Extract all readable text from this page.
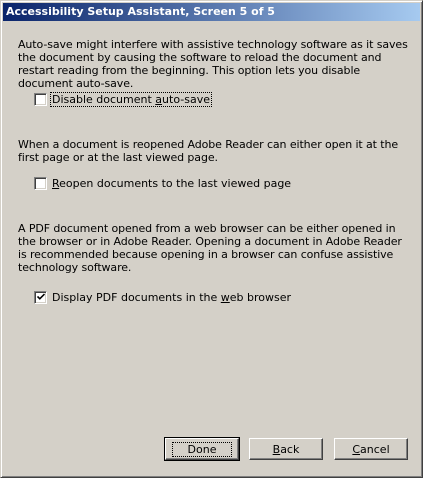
Accessibility Setup Assistant, Screen 5 of 5
Auto-save might interfere with assistive technology software as it saves the document by causing the software to reload the document and restart reading from the beginning. This option lets you disable document auto-save.
Disable document auto-save
When a document is reopened Adobe Reader can either open it at the first page or at the last viewed page.
Reopen documents to the last viewed page
A PDF document opened from a web browser can be either opened in the browser or in Adobe Reader. Opening a document in Adobe Reader is recommended because opening in a browser can confuse assistive technology software.
Display PDF documents in the web browser
Done	Back	Cancel
